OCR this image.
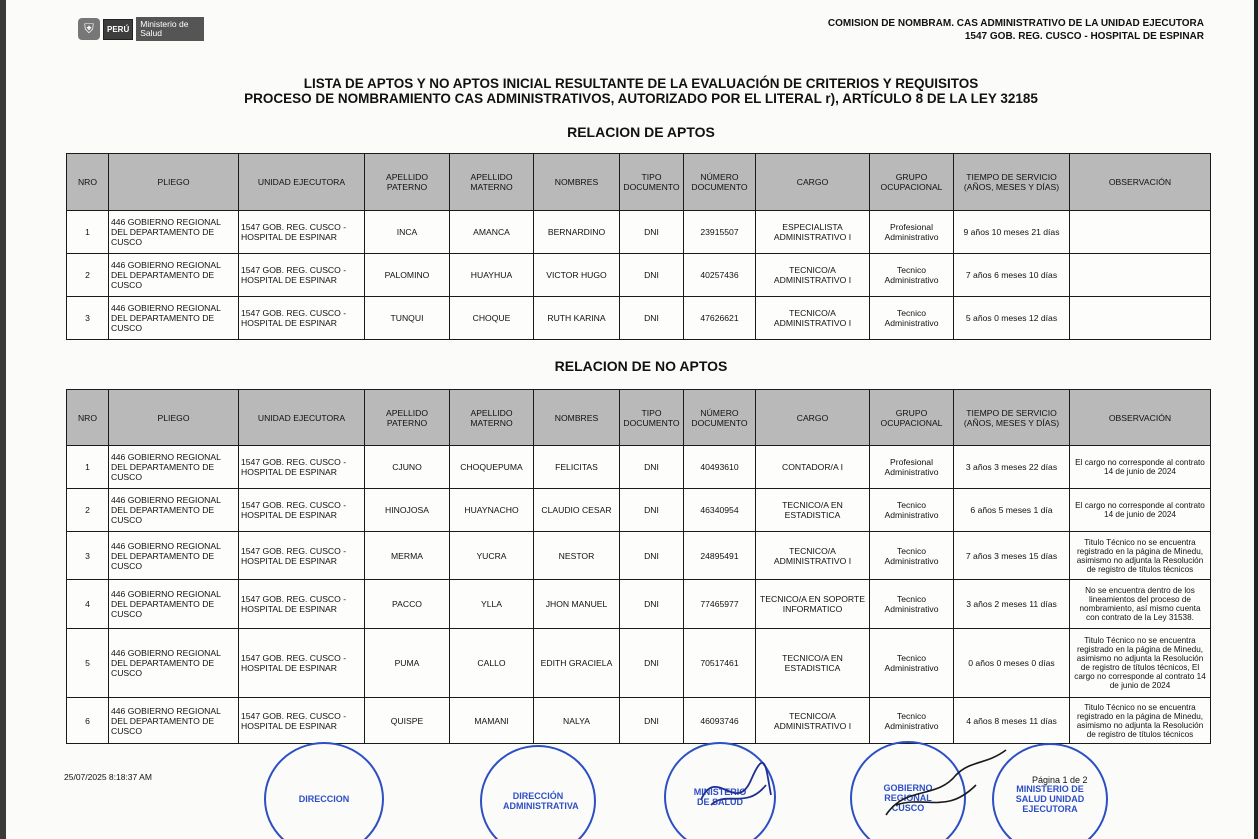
⛨	PERÚ	Ministerio de Salud
COMISION DE NOMBRAM. CAS ADMINISTRATIVO DE LA UNIDAD EJECUTORA
1547 GOB. REG. CUSCO - HOSPITAL DE ESPINAR
LISTA DE APTOS Y NO APTOS INICIAL RESULTANTE DE LA EVALUACIÓN DE CRITERIOS Y REQUISITOS
PROCESO DE NOMBRAMIENTO CAS ADMINISTRATIVOS, AUTORIZADO POR EL LITERAL r), ARTÍCULO 8 DE LA LEY 32185
RELACION DE APTOS
NRO	PLIEGO	UNIDAD EJECUTORA	APELLIDO PATERNO	APELLIDO MATERNO	NOMBRES	TIPO DOCUMENTO	NÚMERO DOCUMENTO	CARGO	GRUPO OCUPACIONAL	TIEMPO DE SERVICIO (AÑOS, MESES Y DÍAS)	OBSERVACIÓN
1	446 GOBIERNO REGIONAL DEL DEPARTAMENTO DE CUSCO	1547 GOB. REG. CUSCO - HOSPITAL DE ESPINAR	INCA	AMANCA	BERNARDINO	DNI	23915507	ESPECIALISTA ADMINISTRATIVO I	Profesional Administrativo	9 años 10 meses 21 días	
2	446 GOBIERNO REGIONAL DEL DEPARTAMENTO DE CUSCO	1547 GOB. REG. CUSCO - HOSPITAL DE ESPINAR	PALOMINO	HUAYHUA	VICTOR HUGO	DNI	40257436	TECNICO/A ADMINISTRATIVO I	Tecnico Administrativo	7 años 6 meses 10 días	
3	446 GOBIERNO REGIONAL DEL DEPARTAMENTO DE CUSCO	1547 GOB. REG. CUSCO - HOSPITAL DE ESPINAR	TUNQUI	CHOQUE	RUTH KARINA	DNI	47626621	TECNICO/A ADMINISTRATIVO I	Tecnico Administrativo	5 años 0 meses 12 días	
RELACION DE NO APTOS
NRO	PLIEGO	UNIDAD EJECUTORA	APELLIDO PATERNO	APELLIDO MATERNO	NOMBRES	TIPO DOCUMENTO	NÚMERO DOCUMENTO	CARGO	GRUPO OCUPACIONAL	TIEMPO DE SERVICIO (AÑOS, MESES Y DÍAS)	OBSERVACIÓN
1	446 GOBIERNO REGIONAL DEL DEPARTAMENTO DE CUSCO	1547 GOB. REG. CUSCO - HOSPITAL DE ESPINAR	CJUNO	CHOQUEPUMA	FELICITAS	DNI	40493610	CONTADOR/A I	Profesional Administrativo	3 años 3 meses 22 días	El cargo no corresponde al contrato 14 de junio de 2024
2	446 GOBIERNO REGIONAL DEL DEPARTAMENTO DE CUSCO	1547 GOB. REG. CUSCO - HOSPITAL DE ESPINAR	HINOJOSA	HUAYNACHO	CLAUDIO CESAR	DNI	46340954	TECNICO/A EN ESTADISTICA	Tecnico Administrativo	6 años 5 meses 1 día	El cargo no corresponde al contrato 14 de junio de 2024
3	446 GOBIERNO REGIONAL DEL DEPARTAMENTO DE CUSCO	1547 GOB. REG. CUSCO - HOSPITAL DE ESPINAR	MERMA	YUCRA	NESTOR	DNI	24895491	TECNICO/A ADMINISTRATIVO I	Tecnico Administrativo	7 años 3 meses 15 días	Titulo Técnico no se encuentra registrado en la página de Minedu, asimismo no adjunta la Resolución de registro de títulos técnicos
4	446 GOBIERNO REGIONAL DEL DEPARTAMENTO DE CUSCO	1547 GOB. REG. CUSCO - HOSPITAL DE ESPINAR	PACCO	YLLA	JHON MANUEL	DNI	77465977	TECNICO/A EN SOPORTE INFORMATICO	Tecnico Administrativo	3 años 2 meses 11 días	No se encuentra dentro de los lineamientos del proceso de nombramiento, así mismo cuenta con contrato de la Ley 31538.
5	446 GOBIERNO REGIONAL DEL DEPARTAMENTO DE CUSCO	1547 GOB. REG. CUSCO - HOSPITAL DE ESPINAR	PUMA	CALLO	EDITH GRACIELA	DNI	70517461	TECNICO/A EN ESTADISTICA	Tecnico Administrativo	0 años 0 meses 0 días	Titulo Técnico no se encuentra registrado en la página de Minedu, asimismo no adjunta la Resolución de registro de títulos técnicos, El cargo no corresponde al contrato 14 de junio de 2024
6	446 GOBIERNO REGIONAL DEL DEPARTAMENTO DE CUSCO	1547 GOB. REG. CUSCO - HOSPITAL DE ESPINAR	QUISPE	MAMANI	NALYA	DNI	46093746	TECNICO/A ADMINISTRATIVO I	Tecnico Administrativo	4 años 8 meses 11 días	Titulo Técnico no se encuentra registrado en la página de Minedu, asimismo no adjunta la Resolución de registro de títulos técnicos
25/07/2025 8:18:37 AM
DIRECCION	DIRECCIÓN ADMINISTRATIVA
MINISTERIO DE SALUD
GOBIERNO REGIONAL CUSCO
MINISTERIO DE SALUD UNIDAD EJECUTORA
Página 1 de 2
